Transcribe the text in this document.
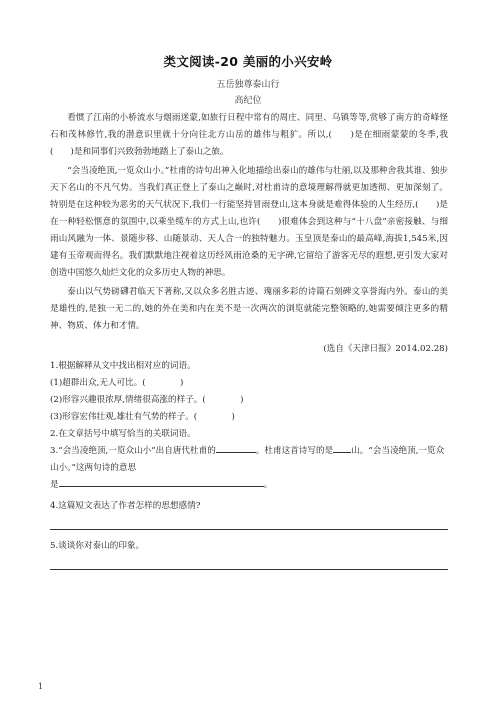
类文阅读-20 美丽的小兴安岭
五岳独尊泰山行
高纪位

看惯了江南的小桥流水与烟雨迷蒙,如旅行日程中常有的周庄、同里、乌镇等等,赏够了南方的奇峰怪石和茂林修竹,我的潜意识里就十分向往北方山岳的雄伟与粗犷。所以,(　　)是在细雨蒙蒙的冬季,我(　　)是和同事们兴致勃勃地踏上了泰山之旅。

“会当凌绝顶,一览众山小。”杜甫的诗句出神入化地描绘出泰山的雄伟与壮丽,以及那种舍我其谁、独步天下名山的不凡气势。当我们真正登上了泰山之巅时,对杜甫诗的意境理解得就更加透彻、更加深刻了。特别是在这种较为恶劣的天气状况下,我们一行能坚持冒雨登山,这本身就是难得体验的人生经历,(　　)是在一种轻松惬意的氛围中,以乘坐缆车的方式上山,也许(　　)很难体会到这种与“十八盘”亲密接触、与细雨山风融为一体、景随步移、山随景动、天人合一的独特魅力。玉皇顶是泰山的最高峰,海拔1,545米,因建有玉帝观而得名。我们默默地注视着这历经风雨沧桑的无字碑,它留给了游客无尽的遐想,更引发大家对创造中国悠久灿烂文化的众多历史人物的神思。

泰山以气势磅礴君临天下著称,又以众多名胜古迹、瑰丽多彩的诗篇石刻碑文享誉海内外。泰山的美是雄性的,是独一无二的,她的外在美和内在美不是一次两次的浏览就能完整领略的,她需要倾注更多的精神、物质、体力和才情。

(选自《天津日报》2014.02.28)
1.根据解释从文中找出相对应的词语。
(1)超群出众,无人可比。(　　　　)
(2)形容兴趣很浓厚,情绪很高涨的样子。(　　　　)
(3)形容宏伟壮观,雄壮有气势的样子。(　　　　)
2.在文章括号中填写恰当的关联词语。
3.“会当凌绝顶,一览众山小”出自唐代杜甫的	。杜甫这首诗写的是 山。“会当凌绝顶,一览众山小。”这两句诗的意思
是	。
4.这篇短文表达了作者怎样的思想感情?
5.谈谈你对泰山的印象。
1
